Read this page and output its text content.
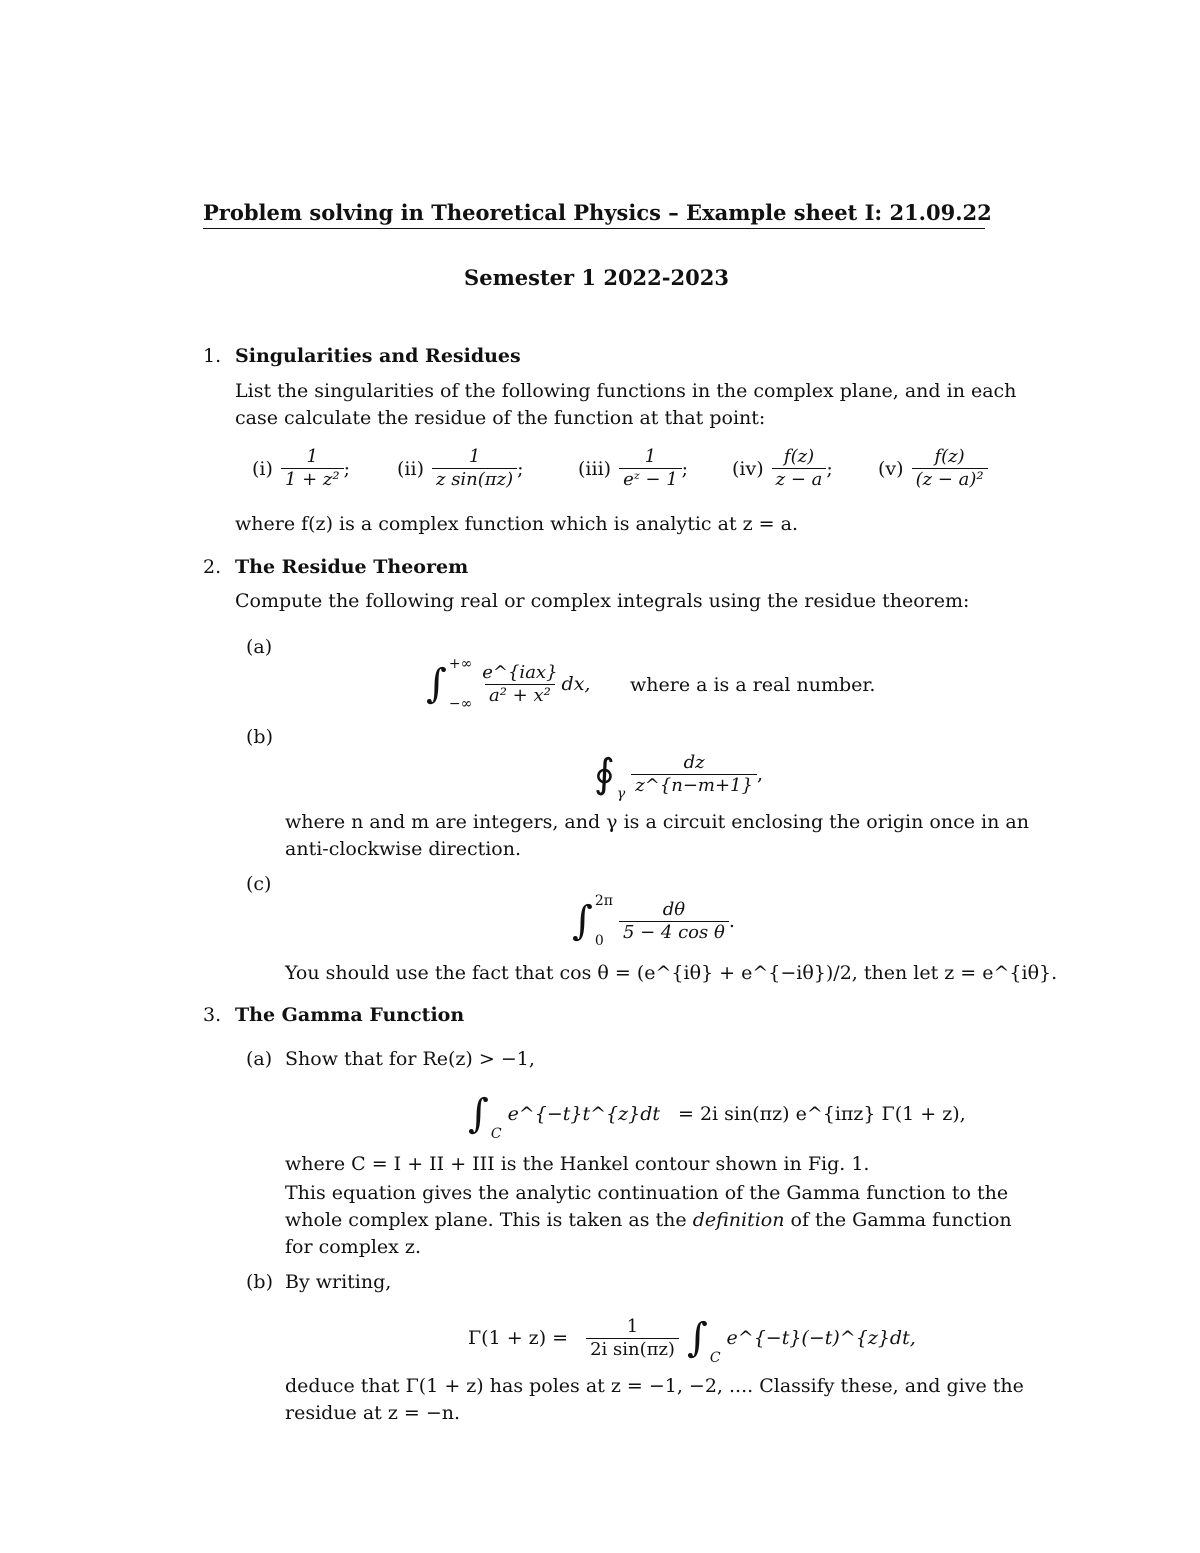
Problem solving in Theoretical Physics – Example sheet I: 21.09.22
Semester 1 2022-2023
1. Singularities and Residues
List the singularities of the following functions in the complex plane, and in each
case calculate the residue of the function at that point:
$(i) \frac{1}{\text{1 + z²}}$ ; $(ii) \frac{1}{\text{z sin(πz)}}$ ;	$(iii) \frac{1}{\text{eᶻ − 1}}$ ; $(iv) \frac{f(z)}{z - a}$ ; $(v) \frac{f(z)}{\text{(z − a)²}}$
where f(z) is a complex function which is analytic at z = a.
2. The Residue Theorem
Compute the following real or complex integrals using the residue theorem:
(a)
∫ +∞
−∞ $\frac{\text{e\textasciicircum{}\{iax\}}}{\text{a² + x²}}$ dx, where a is a real number.
(b)
∮ γ $\frac{dz}{z\^{}\{n-m+1\}}$ ,
where n and m are integers, and γ is a circuit enclosing the origin once in an
anti-clockwise direction.
(c)
∫ 2π
$0 \frac{d\theta}{\text{5 − 4 cos θ}}$ .
You should use the fact that cos θ = (e^{iθ} + e^{−iθ})/2, then let z = e^{iθ}.
3. The Gamma Function
(a) Show that for Re(z) > −1,
∫ C
e^{−t}t^{z}dt = 2i sin(πz) e^{iπz} Γ(1 + z),
where C = I + II + III is the Hankel contour shown in Fig. 1.
This equation gives the analytic continuation of the Gamma function to the
whole complex plane. This is taken as the definition of the Gamma function
for complex z.
(b) By writing,
$\Gamma(1 + z) = \frac{1}{\text{2i sin(πz)}}$ ∫ C
e^{−t}(−t)^{z}dt,
deduce that Γ(1 + z) has poles at z = −1, −2, .... Classify these, and give the
residue at z = −n.
